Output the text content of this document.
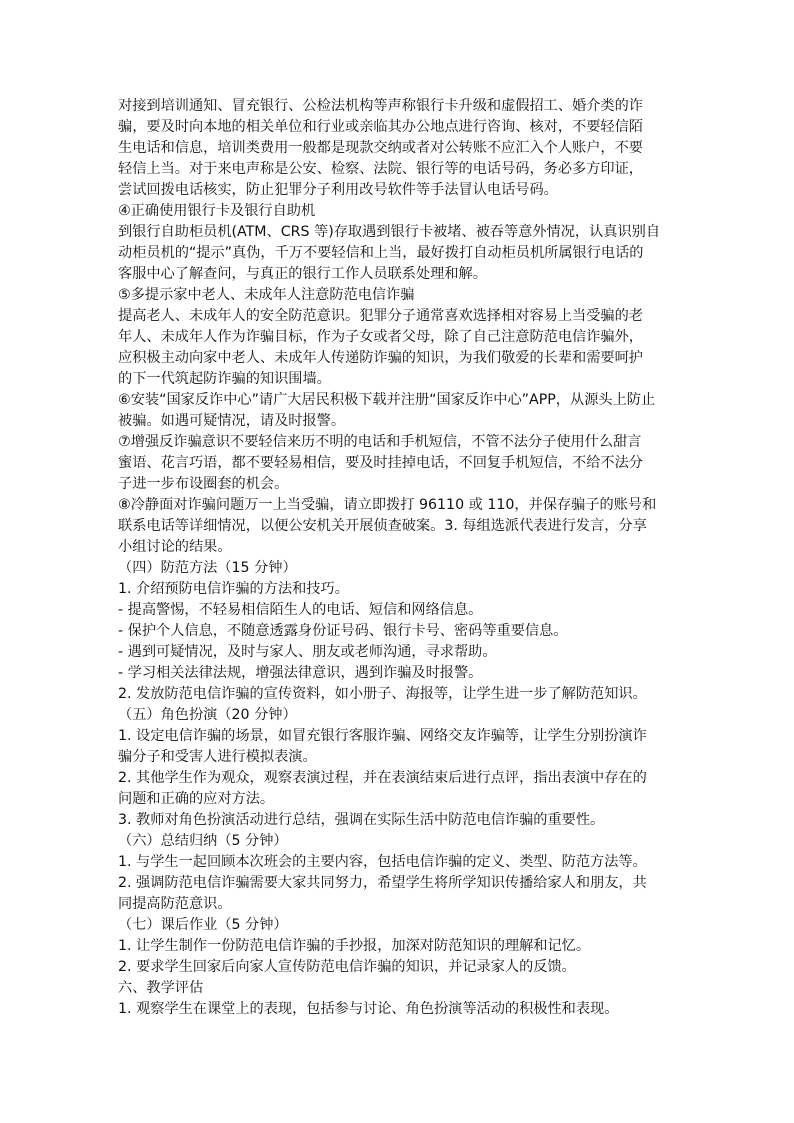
对接到培训通知、冒充银行、公检法机构等声称银行卡升级和虚假招工、婚介类的诈
骗，要及时向本地的相关单位和行业或亲临其办公地点进行咨询、核对，不要轻信陌
生电话和信息，培训类费用一般都是现款交纳或者对公转账不应汇入个人账户，不要
轻信上当。对于来电声称是公安、检察、法院、银行等的电话号码，务必多方印证，
尝试回拨电话核实，防止犯罪分子利用改号软件等手法冒认电话号码。
④正确使用银行卡及银行自助机
到银行自助柜员机(ATM、CRS 等)存取遇到银行卡被堵、被吞等意外情况，认真识别自
动柜员机的“提示”真伪，千万不要轻信和上当，最好拨打自动柜员机所属银行电话的
客服中心了解查问，与真正的银行工作人员联系处理和解。
⑤多提示家中老人、未成年人注意防范电信诈骗
提高老人、未成年人的安全防范意识。犯罪分子通常喜欢选择相对容易上当受骗的老
年人、未成年人作为诈骗目标，作为子女或者父母，除了自己注意防范电信诈骗外，
应积极主动向家中老人、未成年人传递防诈骗的知识，为我们敬爱的长辈和需要呵护
的下一代筑起防诈骗的知识围墙。
⑥安装“国家反诈中心”请广大居民积极下载并注册“国家反诈中心”APP，从源头上防止
被骗。如遇可疑情况，请及时报警。
⑦增强反诈骗意识不要轻信来历不明的电话和手机短信，不管不法分子使用什么甜言
蜜语、花言巧语，都不要轻易相信，要及时挂掉电话，不回复手机短信，不给不法分
子进一步布设圈套的机会。
⑧冷静面对诈骗问题万一上当受骗，请立即拨打 96110 或 110，并保存骗子的账号和
联系电话等详细情况，以便公安机关开展侦查破案。3. 每组选派代表进行发言，分享
小组讨论的结果。
（四）防范方法（15 分钟）
1. 介绍预防电信诈骗的方法和技巧。
- 提高警惕，不轻易相信陌生人的电话、短信和网络信息。
- 保护个人信息，不随意透露身份证号码、银行卡号、密码等重要信息。
- 遇到可疑情况，及时与家人、朋友或老师沟通，寻求帮助。
- 学习相关法律法规，增强法律意识，遇到诈骗及时报警。
2. 发放防范电信诈骗的宣传资料，如小册子、海报等，让学生进一步了解防范知识。
（五）角色扮演（20 分钟）
1. 设定电信诈骗的场景，如冒充银行客服诈骗、网络交友诈骗等，让学生分别扮演诈
骗分子和受害人进行模拟表演。
2. 其他学生作为观众，观察表演过程，并在表演结束后进行点评，指出表演中存在的
问题和正确的应对方法。
3. 教师对角色扮演活动进行总结，强调在实际生活中防范电信诈骗的重要性。
（六）总结归纳（5 分钟）
1. 与学生一起回顾本次班会的主要内容，包括电信诈骗的定义、类型、防范方法等。
2. 强调防范电信诈骗需要大家共同努力，希望学生将所学知识传播给家人和朋友，共
同提高防范意识。
（七）课后作业（5 分钟）
1. 让学生制作一份防范电信诈骗的手抄报，加深对防范知识的理解和记忆。
2. 要求学生回家后向家人宣传防范电信诈骗的知识，并记录家人的反馈。
六、教学评估
1. 观察学生在课堂上的表现，包括参与讨论、角色扮演等活动的积极性和表现。
